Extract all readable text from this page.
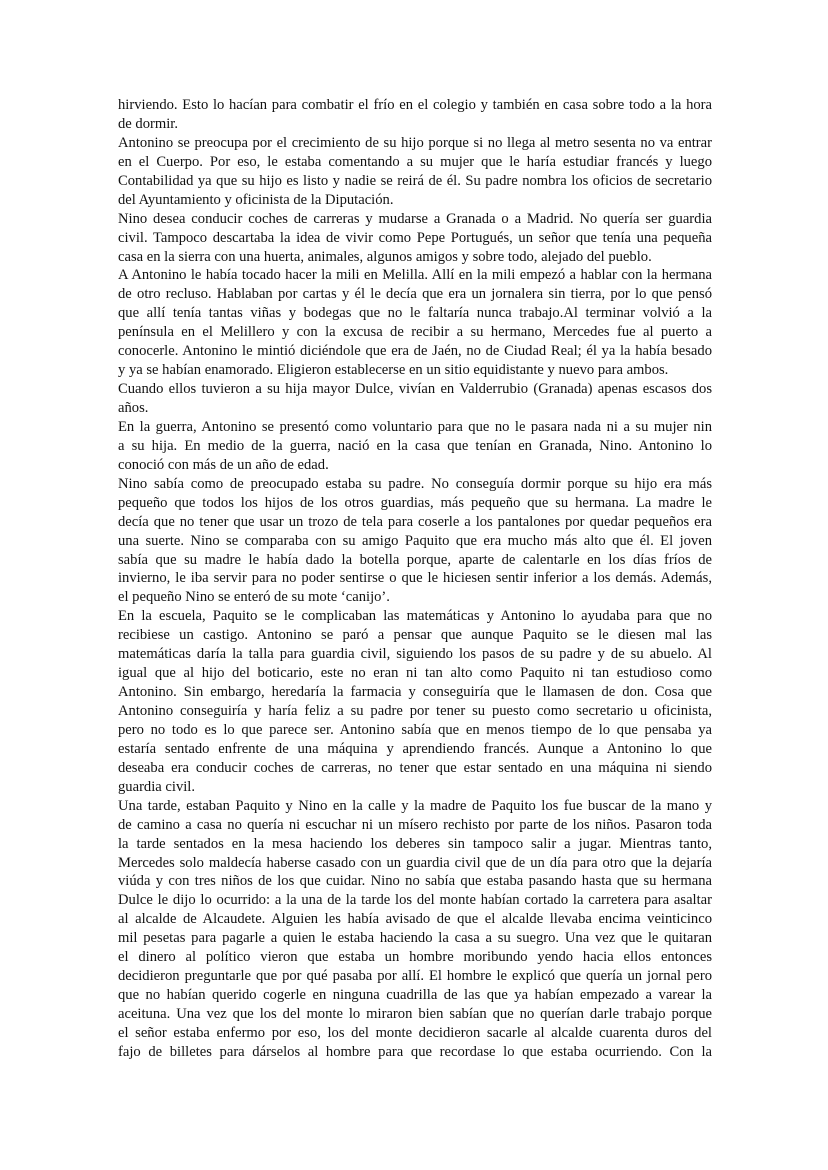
hirviendo. Esto lo hacían para combatir el frío en el colegio y también en casa sobre todo a la hora
de dormir.
Antonino se preocupa por el crecimiento de su hijo porque si no llega al metro sesenta no va entrar
en el Cuerpo. Por eso, le estaba comentando a su mujer que le haría estudiar francés y luego
Contabilidad ya que su hijo es listo y nadie se reirá de él. Su padre nombra los oficios de secretario
del Ayuntamiento y oficinista de la Diputación.
Nino desea conducir coches de carreras y mudarse a Granada o a Madrid. No quería ser guardia
civil. Tampoco descartaba la idea de vivir como Pepe Portugués, un señor que tenía una pequeña
casa en la sierra con una huerta, animales, algunos amigos y sobre todo, alejado del pueblo.
A Antonino le había tocado hacer la mili en Melilla. Allí en la mili empezó a hablar con la hermana
de otro recluso. Hablaban por cartas y él le decía que era un jornalera sin tierra, por lo que pensó
que allí tenía tantas viñas y bodegas que no le faltaría nunca trabajo.Al terminar volvió a la
península en el Melillero y con la excusa de recibir a su hermano, Mercedes fue al puerto a
conocerle. Antonino le mintió diciéndole que era de Jaén, no de Ciudad Real; él ya la había besado
y ya se habían enamorado. Eligieron establecerse en un sitio equidistante y nuevo para ambos.
Cuando ellos tuvieron a su hija mayor Dulce, vivían en Valderrubio (Granada) apenas escasos dos
años.
En la guerra, Antonino se presentó como voluntario para que no le pasara nada ni a su mujer nin
a su hija. En medio de la guerra, nació en la casa que tenían en Granada, Nino. Antonino lo
conoció con más de un año de edad.
Nino sabía como de preocupado estaba su padre. No conseguía dormir porque su hijo era más
pequeño que todos los hijos de los otros guardias, más pequeño que su hermana. La madre le
decía que no tener que usar un trozo de tela para coserle a los pantalones por quedar pequeños era
una suerte. Nino se comparaba con su amigo Paquito que era mucho más alto que él. El joven
sabía que su madre le había dado la botella porque, aparte de calentarle en los días fríos de
invierno, le iba servir para no poder sentirse o que le hiciesen sentir inferior a los demás. Además,
el pequeño Nino se enteró de su mote ‘canijo’.
En la escuela, Paquito se le complicaban las matemáticas y Antonino lo ayudaba para que no
recibiese un castigo. Antonino se paró a pensar que aunque Paquito se le diesen mal las
matemáticas daría la talla para guardia civil, siguiendo los pasos de su padre y de su abuelo. Al
igual que al hijo del boticario, este no eran ni tan alto como Paquito ni tan estudioso como
Antonino. Sin embargo, heredaría la farmacia y conseguiría que le llamasen de don. Cosa que
Antonino conseguiría y haría feliz a su padre por tener su puesto como secretario u oficinista,
pero no todo es lo que parece ser. Antonino sabía que en menos tiempo de lo que pensaba ya
estaría sentado enfrente de una máquina y aprendiendo francés. Aunque a Antonino lo que
deseaba era conducir coches de carreras, no tener que estar sentado en una máquina ni siendo
guardia civil.
Una tarde, estaban Paquito y Nino en la calle y la madre de Paquito los fue buscar de la mano y
de camino a casa no quería ni escuchar ni un mísero rechisto por parte de los niños. Pasaron toda
la tarde sentados en la mesa haciendo los deberes sin tampoco salir a jugar. Mientras tanto,
Mercedes solo maldecía haberse casado con un guardia civil que de un día para otro que la dejaría
viúda y con tres niños de los que cuidar. Nino no sabía que estaba pasando hasta que su hermana
Dulce le dijo lo ocurrido: a la una de la tarde los del monte habían cortado la carretera para asaltar
al alcalde de Alcaudete. Alguien les había avisado de que el alcalde llevaba encima veinticinco
mil pesetas para pagarle a quien le estaba haciendo la casa a su suegro. Una vez que le quitaran
el dinero al político vieron que estaba un hombre moribundo yendo hacia ellos entonces
decidieron preguntarle que por qué pasaba por allí. El hombre le explicó que quería un jornal pero
que no habían querido cogerle en ninguna cuadrilla de las que ya habían empezado a varear la
aceituna. Una vez que los del monte lo miraron bien sabían que no querían darle trabajo porque
el señor estaba enfermo por eso, los del monte decidieron sacarle al alcalde cuarenta duros del
fajo de billetes para dárselos al hombre para que recordase lo que estaba ocurriendo. Con la
